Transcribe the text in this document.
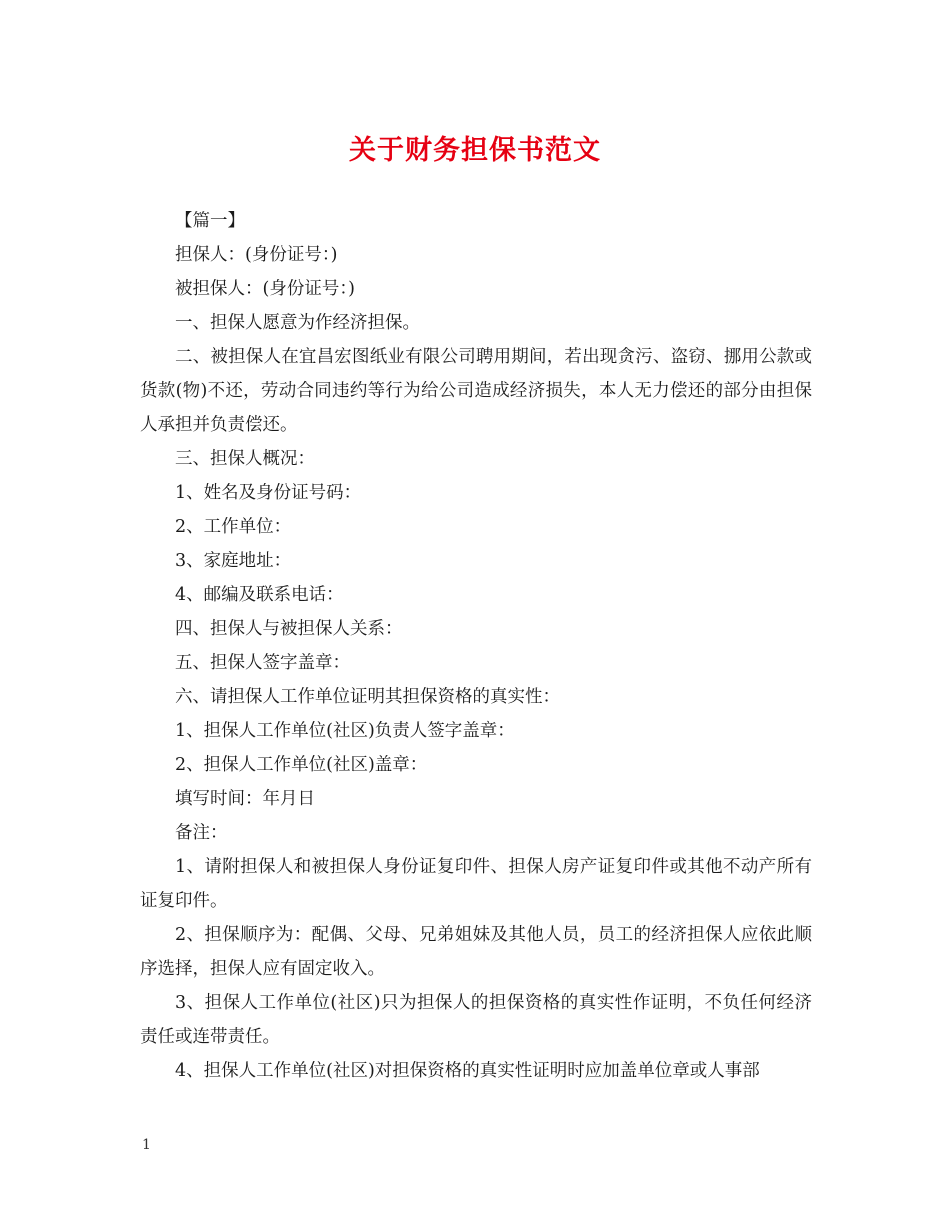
关于财务担保书范文

【篇一】

担保人：(身份证号：)

被担保人：(身份证号：)

一、担保人愿意为作经济担保。

二、被担保人在宜昌宏图纸业有限公司聘用期间，若出现贪污、盗窃、挪用公款或货款(物)不还，劳动合同违约等行为给公司造成经济损失，本人无力偿还的部分由担保人承担并负责偿还。

三、担保人概况：

1、姓名及身份证号码：

2、工作单位：

3、家庭地址：

4、邮编及联系电话：

四、担保人与被担保人关系：

五、担保人签字盖章：

六、请担保人工作单位证明其担保资格的真实性：

1、担保人工作单位(社区)负责人签字盖章：

2、担保人工作单位(社区)盖章：

填写时间：年月日

备注：

1、请附担保人和被担保人身份证复印件、担保人房产证复印件或其他不动产所有证复印件。

2、担保顺序为：配偶、父母、兄弟姐妹及其他人员，员工的经济担保人应依此顺序选择，担保人应有固定收入。

3、担保人工作单位(社区)只为担保人的担保资格的真实性作证明，不负任何经济责任或连带责任。

4、担保人工作单位(社区)对担保资格的真实性证明时应加盖单位章或人事部

1
